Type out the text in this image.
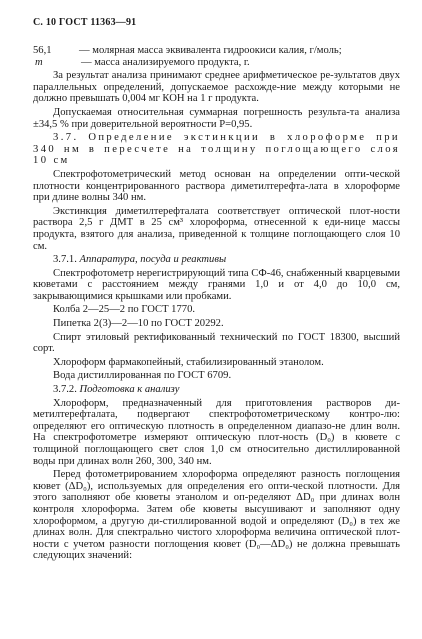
С. 10 ГОСТ 11363—91
56,1	— молярная масса эквивалента гидроокиси калия, г/моль;
m	— масса анализируемого продукта, г.

За результат анализа принимают среднее арифметическое ре-зультатов двух параллельных определений, допускаемое расхожде-ние между которыми не должно превышать 0,004 мг КОН на 1 г продукта.

Допускаемая относительная суммарная погрешность результа-та анализа ±34,5 % при доверительной вероятности P=0,95.

3.7. Определение экстинкции в хлороформе при 340 нм в пересчете на толщину поглощающего слоя 10 см

Спектрофотометрический метод основан на определении опти-ческой плотности концентрированного раствора диметилтерефта-лата в хлороформе при длине волны 340 нм.

Экстинкция диметилтерефталата соответствует оптической плот-ности раствора 2,5 г ДМТ в 25 см³ хлороформа, отнесенной к еди-нице массы продукта, взятого для анализа, приведенной к толщине поглощающего слоя 10 см.

3.7.1. Аппаратура, посуда и реактивы

Спектрофотометр нерегистрирующий типа СФ-46, снабженный кварцевыми кюветами с расстоянием между гранями 1,0 и от 4,0 до 10,0 см, закрывающимися крышками или пробками.

Колба 2—25—2 по ГОСТ 1770.

Пипетка 2(3)—2—10 по ГОСТ 20292.

Спирт этиловый ректификованный технический по ГОСТ 18300, высший сорт.

Хлороформ фармакопейный, стабилизированный этанолом.

Вода дистиллированная по ГОСТ 6709.

3.7.2. Подготовка к анализу

Хлороформ, предназначенный для приготовления растворов ди-метилтерефталата, подвергают спектрофотометрическому контро-лю: определяют его оптическую плотность в определенном диапазо-не длин волн. На спектрофотометре измеряют оптическую плот-ность (D₀) в кювете с толщиной поглощающего свет слоя 1,0 см относительно дистиллированной воды при длинах волн 260, 300, 340 нм.

Перед фотометрированием хлороформа определяют разность поглощения кювет (ΔD₀), используемых для определения его опти-ческой плотности. Для этого заполняют обе кюветы этанолом и оп-ределяют ΔD₀ при длинах волн контроля хлороформа. Затем обе кюветы высушивают и заполняют одну хлороформом, а другую ди-стиллированной водой и определяют (D₀) в тех же длинах волн. Для спектрально чистого хлороформа величина оптической плот-ности с учетом разности поглощения кювет (D₀—ΔD₀) не должна превышать следующих значений:
